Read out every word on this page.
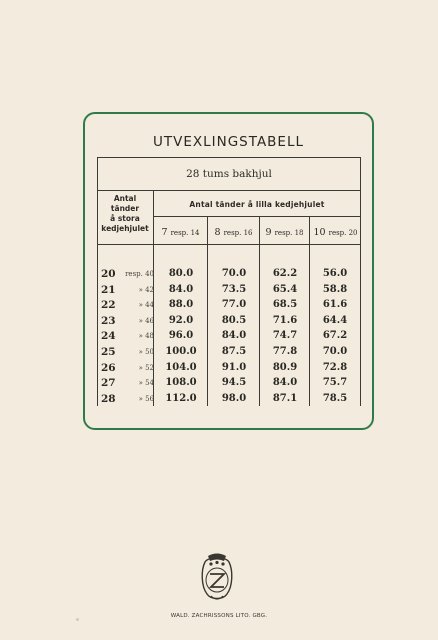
UTVEXLINGSTABELL
28 tums bakhjul
Antal
tänder
å stora
kedjehjulet
Antal tänder å lilla kedjehjulet
7 resp. 14	8 resp. 16	9 resp. 18	10 resp. 20
20	resp. 40	80.0	70.0	62.2	56.0
21	» 42	84.0	73.5	65.4	58.8
22	» 44	88.0	77.0	68.5	61.6
23	» 46	92.0	80.5	71.6	64.4
24	» 48	96.0	84.0	74.7	67.2
25	» 50	100.0	87.5	77.8	70.0
26	» 52	104.0	91.0	80.9	72.8
27	» 54	108.0	94.5	84.0	75.7
28	» 56	112.0	98.0	87.1	78.5
WALD. ZACHRISSONS LITO. GBG.
